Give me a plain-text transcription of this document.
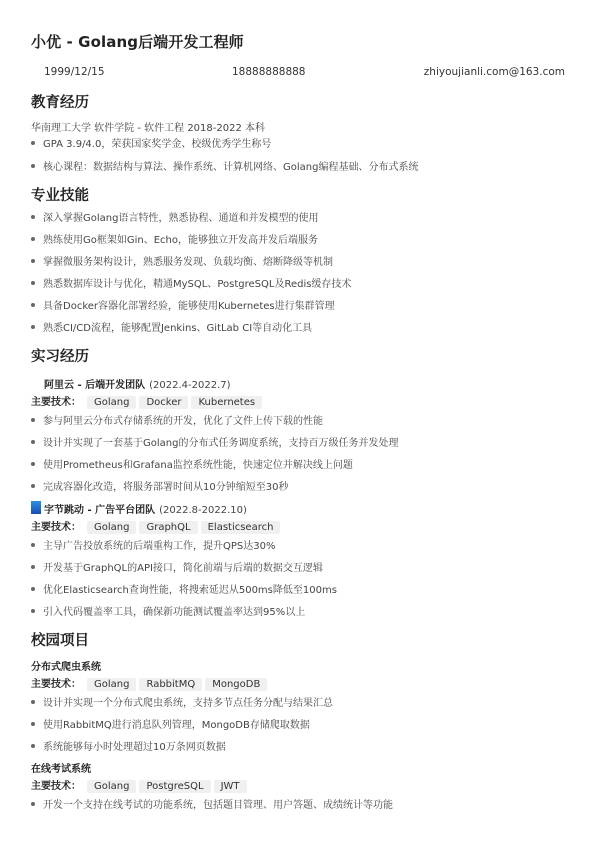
小优 - Golang后端开发工程师
1999/12/15	18888888888	zhiyoujianli.com@163.com
教育经历
华南理工大学 软件学院 - 软件工程 2018-2022 本科
GPA 3.9/4.0，荣获国家奖学金、校级优秀学生称号
核心课程：数据结构与算法、操作系统、计算机网络、Golang编程基础、分布式系统
专业技能
深入掌握Golang语言特性，熟悉协程、通道和并发模型的使用
熟练使用Go框架如Gin、Echo，能够独立开发高并发后端服务
掌握微服务架构设计，熟悉服务发现、负载均衡、熔断降级等机制
熟悉数据库设计与优化，精通MySQL、PostgreSQL及Redis缓存技术
具备Docker容器化部署经验，能够使用Kubernetes进行集群管理
熟悉CI/CD流程，能够配置Jenkins、GitLab CI等自动化工具
实习经历
阿里云 - 后端开发团队 (2022.4-2022.7)
主要技术： Golang Docker Kubernetes
参与阿里云分布式存储系统的开发，优化了文件上传下载的性能
设计并实现了一套基于Golang的分布式任务调度系统，支持百万级任务并发处理
使用Prometheus和Grafana监控系统性能，快速定位并解决线上问题
完成容器化改造，将服务部署时间从10分钟缩短至30秒
字节跳动 - 广告平台团队 (2022.8-2022.10)
主要技术： Golang GraphQL Elasticsearch
主导广告投放系统的后端重构工作，提升QPS达30%
开发基于GraphQL的API接口，简化前端与后端的数据交互逻辑
优化Elasticsearch查询性能，将搜索延迟从500ms降低至100ms
引入代码覆盖率工具，确保新功能测试覆盖率达到95%以上
校园项目
分布式爬虫系统
主要技术： Golang RabbitMQ MongoDB
设计并实现一个分布式爬虫系统，支持多节点任务分配与结果汇总
使用RabbitMQ进行消息队列管理，MongoDB存储爬取数据
系统能够每小时处理超过10万条网页数据
在线考试系统
主要技术： Golang PostgreSQL JWT
开发一个支持在线考试的功能系统，包括题目管理、用户答题、成绩统计等功能
